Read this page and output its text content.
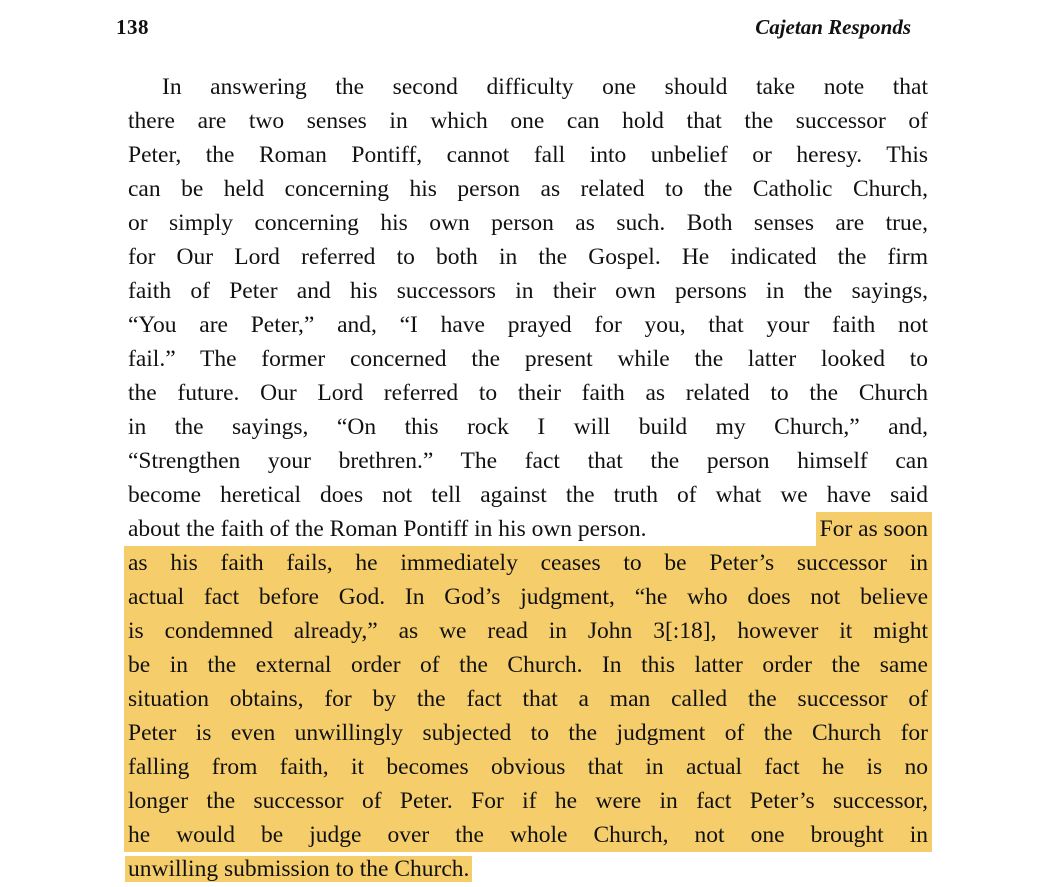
138	Cajetan Responds
In answering the second difficulty one should take note that
there are two senses in which one can hold that the successor of
Peter, the Roman Pontiff, cannot fall into unbelief or heresy. This
can be held concerning his person as related to the Catholic Church,
or simply concerning his own person as such. Both senses are true,
for Our Lord referred to both in the Gospel. He indicated the firm
faith of Peter and his successors in their own persons in the sayings,
“You are Peter,” and, “I have prayed for you, that your faith not
fail.” The former concerned the present while the latter looked to
the future. Our Lord referred to their faith as related to the Church
in the sayings, “On this rock I will build my Church,” and,
“Strengthen your brethren.” The fact that the person himself can
become heretical does not tell against the truth of what we have said
about the faith of the Roman Pontiff in his own person.	For as soon
as his faith fails, he immediately ceases to be Peter’s successor in
actual fact before God. In God’s judgment, “he who does not believe
is condemned already,” as we read in John 3[:18], however it might
be in the external order of the Church. In this latter order the same
situation obtains, for by the fact that a man called the successor of
Peter is even unwillingly subjected to the judgment of the Church for
falling from faith, it becomes obvious that in actual fact he is no
longer the successor of Peter. For if he were in fact Peter’s successor,
he would be judge over the whole Church, not one brought in
unwilling submission to the Church.
